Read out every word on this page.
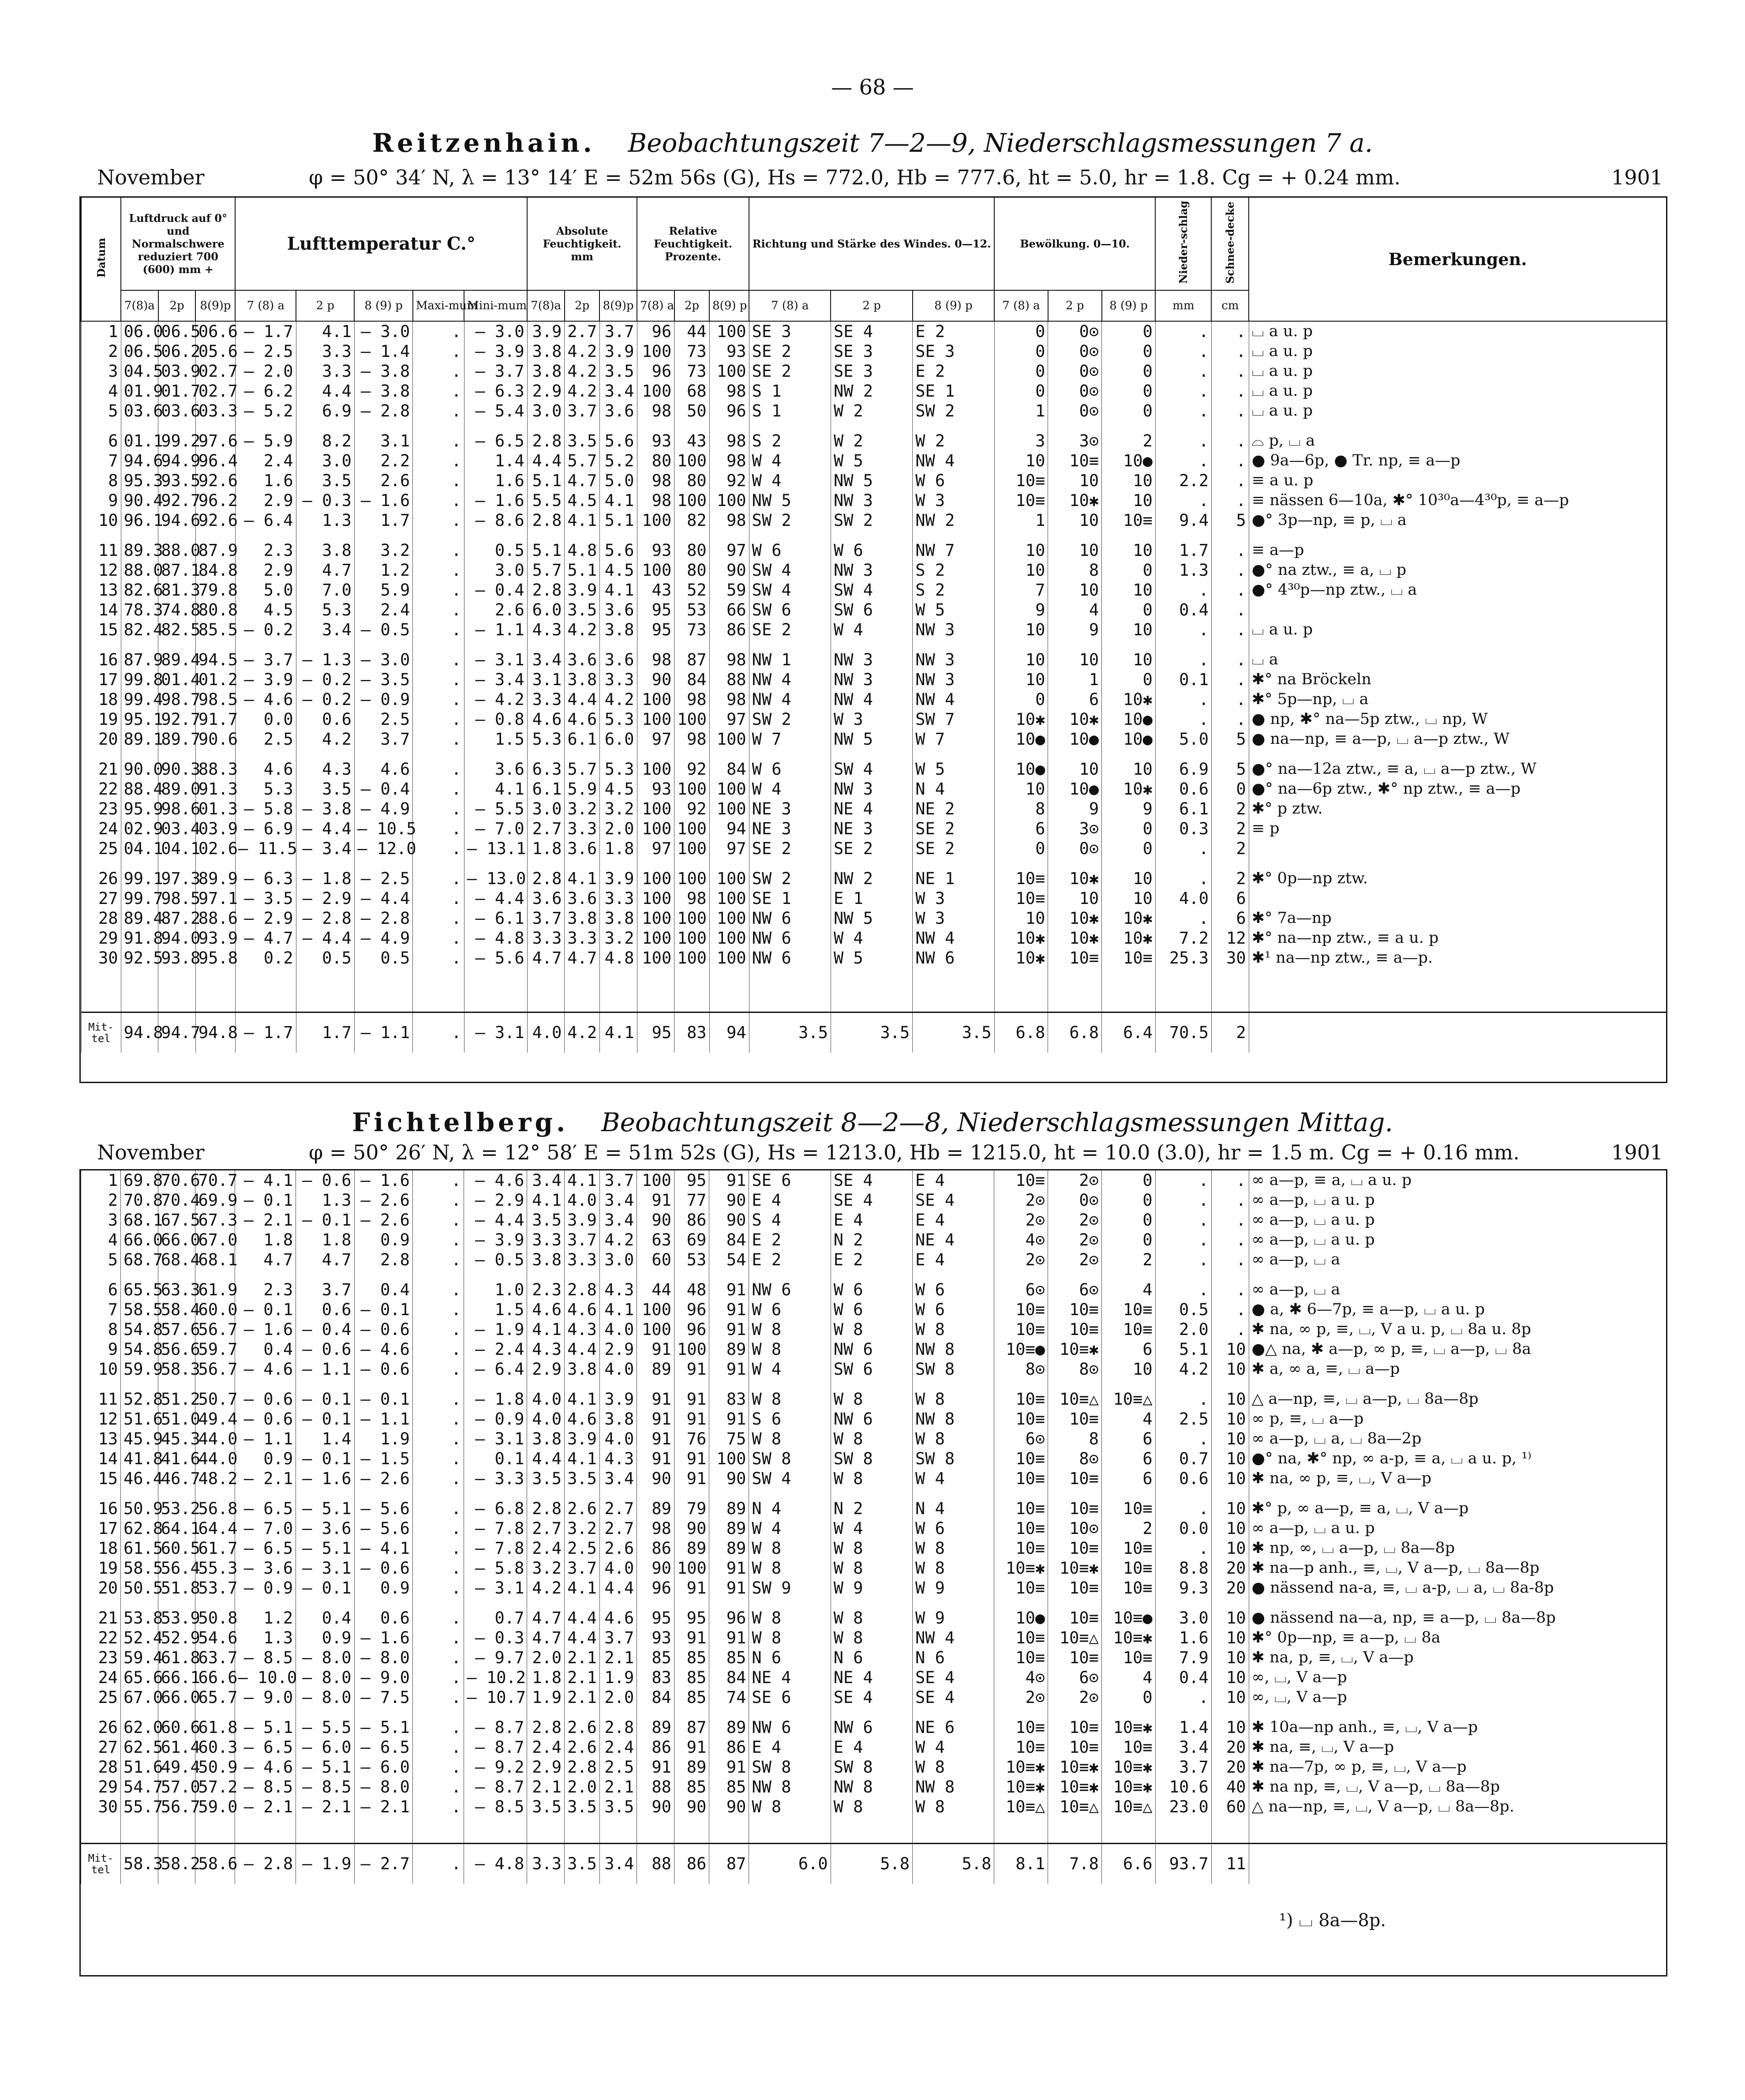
— 68 —
Reitzenhain. Beobachtungszeit 7—2—9, Niederschlagsmessungen 7 a.
November	φ = 50° 34′ N, λ = 13° 14′ E = 52m 56s (G), Hs = 772.0, Hb = 777.6, ht = 5.0, hr = 1.8. Cg = + 0.24 mm.	1901
Datum	Luftdruck auf 0° und Normalschwere reduziert 700 (600) mm +			Lufttemperatur C.°					Absolute Feuchtigkeit. mm			Relative Feuchtigkeit. Prozente.			Richtung und Stärke des Windes. 0—12.			Bewölkung. 0—10.			Nieder-schlag	Schnee-decke	Bemerkungen.
	7(8)a	2p	8(9)p	7 (8) a	2 p	8 (9) p	Maxi-mum	Mini-mum	7(8)a	2p	8(9)p	7(8) a	2p	8(9) p	7 (8) a	2 p	8 (9) p	7 (8) a	2 p	8 (9) p	mm	cm	
1	06.0	06.5	06.6	— 1.7	4.1	— 3.0	.	— 3.0	3.9	2.7	3.7	96	44	100	SE 3	SE 4	E 2	0	0⊙	0	.	.	⌴ a u. p
2	06.5	06.2	05.6	— 2.5	3.3	— 1.4	.	— 3.9	3.8	4.2	3.9	100	73	93	SE 2	SE 3	SE 3	0	0⊙	0	.	.	⌴ a u. p
3	04.5	03.9	02.7	— 2.0	3.3	— 3.8	.	— 3.7	3.8	4.2	3.5	96	73	100	SE 2	SE 3	E 2	0	0⊙	0	.	.	⌴ a u. p
4	01.9	01.7	02.7	— 6.2	4.4	— 3.8	.	— 6.3	2.9	4.2	3.4	100	68	98	S 1	NW 2	SE 1	0	0⊙	0	.	.	⌴ a u. p
5	03.6	03.6	03.3	— 5.2	6.9	— 2.8	.	— 5.4	3.0	3.7	3.6	98	50	96	S 1	W 2	SW 2	1	0⊙	0	.	.	⌴ a u. p
6	01.1	99.2	97.6	— 5.9	8.2	3.1	.	— 6.5	2.8	3.5	5.6	93	43	98	S 2	W 2	W 2	3	3⊙	2	.	.	⌓ p, ⌴ a
7	94.6	94.9	96.4	2.4	3.0	2.2	.	1.4	4.4	5.7	5.2	80	100	98	W 4	W 5	NW 4	10	10≡	10●	.	.	● 9a—6p, ● Tr. np, ≡ a—p
8	95.3	93.5	92.6	1.6	3.5	2.6	.	1.6	5.1	4.7	5.0	98	80	92	W 4	NW 5	W 6	10≡	10	10	2.2	.	≡ a u. p
9	90.4	92.7	96.2	2.9	— 0.3	— 1.6	.	— 1.6	5.5	4.5	4.1	98	100	100	NW 5	NW 3	W 3	10≡	10✱	10	.	.	≡ nässen 6—10a, ✱° 10³⁰a—4³⁰p, ≡ a—p
10	96.1	94.6	92.6	— 6.4	1.3	1.7	.	— 8.6	2.8	4.1	5.1	100	82	98	SW 2	SW 2	NW 2	1	10	10≡	9.4	5	●° 3p—np, ≡ p, ⌴ a
11	89.3	88.0	87.9	2.3	3.8	3.2	.	0.5	5.1	4.8	5.6	93	80	97	W 6	W 6	NW 7	10	10	10	1.7	.	≡ a—p
12	88.0	87.1	84.8	2.9	4.7	1.2	.	3.0	5.7	5.1	4.5	100	80	90	SW 4	NW 3	S 2	10	8	0	1.3	.	●° na ztw., ≡ a, ⌴ p
13	82.6	81.3	79.8	5.0	7.0	5.9	.	— 0.4	2.8	3.9	4.1	43	52	59	SW 4	SW 4	S 2	7	10	10	.	.	●° 4³⁰p—np ztw., ⌴ a
14	78.3	74.8	80.8	4.5	5.3	2.4	.	2.6	6.0	3.5	3.6	95	53	66	SW 6	SW 6	W 5	9	4	0	0.4	.	
15	82.4	82.5	85.5	— 0.2	3.4	— 0.5	.	— 1.1	4.3	4.2	3.8	95	73	86	SE 2	W 4	NW 3	10	9	10	.	.	⌴ a u. p
16	87.9	89.4	94.5	— 3.7	— 1.3	— 3.0	.	— 3.1	3.4	3.6	3.6	98	87	98	NW 1	NW 3	NW 3	10	10	10	.	.	⌴ a
17	99.8	01.4	01.2	— 3.9	— 0.2	— 3.5	.	— 3.4	3.1	3.8	3.3	90	84	88	NW 4	NW 3	NW 3	10	1	0	0.1	.	✱° na Bröckeln
18	99.4	98.7	98.5	— 4.6	— 0.2	— 0.9	.	— 4.2	3.3	4.4	4.2	100	98	98	NW 4	NW 4	NW 4	0	6	10✱	.	.	✱° 5p—np, ⌴ a
19	95.1	92.7	91.7	0.0	0.6	2.5	.	— 0.8	4.6	4.6	5.3	100	100	97	SW 2	W 3	SW 7	10✱	10✱	10●	.	.	● np, ✱° na—5p ztw., ⌴ np, W
20	89.1	89.7	90.6	2.5	4.2	3.7	.	1.5	5.3	6.1	6.0	97	98	100	W 7	NW 5	W 7	10●	10●	10●	5.0	5	● na—np, ≡ a—p, ⌴ a—p ztw., W
21	90.0	90.3	88.3	4.6	4.3	4.6	.	3.6	6.3	5.7	5.3	100	92	84	W 6	SW 4	W 5	10●	10	10	6.9	5	●° na—12a ztw., ≡ a, ⌴ a—p ztw., W
22	88.4	89.0	91.3	5.3	3.5	— 0.4	.	4.1	6.1	5.9	4.5	93	100	100	W 4	NW 3	N 4	10	10●	10✱	0.6	0	●° na—6p ztw., ✱° np ztw., ≡ a—p
23	95.9	98.6	01.3	— 5.8	— 3.8	— 4.9	.	— 5.5	3.0	3.2	3.2	100	92	100	NE 3	NE 4	NE 2	8	9	9	6.1	2	✱° p ztw.
24	02.9	03.4	03.9	— 6.9	— 4.4	— 10.5	.	— 7.0	2.7	3.3	2.0	100	100	94	NE 3	NE 3	SE 2	6	3⊙	0	0.3	2	≡ p
25	04.1	04.1	02.6	— 11.5	— 3.4	— 12.0	.	— 13.1	1.8	3.6	1.8	97	100	97	SE 2	SE 2	SE 2	0	0⊙	0	.	2	
26	99.1	97.3	89.9	— 6.3	— 1.8	— 2.5	.	— 13.0	2.8	4.1	3.9	100	100	100	SW 2	NW 2	NE 1	10≡	10✱	10	.	2	✱° 0p—np ztw.
27	99.7	98.5	97.1	— 3.5	— 2.9	— 4.4	.	— 4.4	3.6	3.6	3.3	100	98	100	SE 1	E 1	W 3	10≡	10	10	4.0	6	
28	89.4	87.2	88.6	— 2.9	— 2.8	— 2.8	.	— 6.1	3.7	3.8	3.8	100	100	100	NW 6	NW 5	W 3	10	10✱	10✱	.	6	✱° 7a—np
29	91.8	94.0	93.9	— 4.7	— 4.4	— 4.9	.	— 4.8	3.3	3.3	3.2	100	100	100	NW 6	W 4	NW 4	10✱	10✱	10✱	7.2	12	✱° na—np ztw., ≡ a u. p
30	92.5	93.8	95.8	0.2	0.5	0.5	.	— 5.6	4.7	4.7	4.8	100	100	100	NW 6	W 5	NW 6	10✱	10≡	10≡	25.3	30	✱¹ na—np ztw., ≡ a—p.

Mit-tel	94.8	94.7	94.8	— 1.7	1.7	— 1.1	.	— 3.1	4.0	4.2	4.1	95	83	94	3.5	3.5	3.5	6.8	6.8	6.4	70.5	2	
Fichtelberg. Beobachtungszeit 8—2—8, Niederschlagsmessungen Mittag.
November	φ = 50° 26′ N, λ = 12° 58′ E = 51m 52s (G), Hs = 1213.0, Hb = 1215.0, ht = 10.0 (3.0), hr = 1.5 m. Cg = + 0.16 mm.	1901
1	69.8	70.6	70.7	— 4.1	— 0.6	— 1.6	.	— 4.6	3.4	4.1	3.7	100	95	91	SE 6	SE 4	E 4	10≡	2⊙	0	.	.	∞ a—p, ≡ a, ⌴ a u. p
2	70.8	70.4	69.9	— 0.1	1.3	— 2.6	.	— 2.9	4.1	4.0	3.4	91	77	90	E 4	SE 4	SE 4	2⊙	0⊙	0	.	.	∞ a—p, ⌴ a u. p
3	68.1	67.5	67.3	— 2.1	— 0.1	— 2.6	.	— 4.4	3.5	3.9	3.4	90	86	90	S 4	E 4	E 4	2⊙	2⊙	0	.	.	∞ a—p, ⌴ a u. p
4	66.0	66.0	67.0	1.8	1.8	0.9	.	— 3.9	3.3	3.7	4.2	63	69	84	E 2	N 2	NE 4	4⊙	2⊙	0	.	.	∞ a—p, ⌴ a u. p
5	68.7	68.4	68.1	4.7	4.7	2.8	.	— 0.5	3.8	3.3	3.0	60	53	54	E 2	E 2	E 4	2⊙	2⊙	2	.	.	∞ a—p, ⌴ a
6	65.5	63.3	61.9	2.3	3.7	0.4	.	1.0	2.3	2.8	4.3	44	48	91	NW 6	W 6	W 6	6⊙	6⊙	4	.	.	∞ a—p, ⌴ a
7	58.5	58.4	60.0	— 0.1	0.6	— 0.1	.	1.5	4.6	4.6	4.1	100	96	91	W 6	W 6	W 6	10≡	10≡	10≡	0.5	.	● a, ✱ 6—7p, ≡ a—p, ⌴ a u. p
8	54.8	57.6	56.7	— 1.6	— 0.4	— 0.6	.	— 1.9	4.1	4.3	4.0	100	96	91	W 8	W 8	W 8	10≡	10≡	10≡	2.0	.	✱ na, ∞ p, ≡, ⌴, V a u. p, ⌴ 8a u. 8p
9	54.8	56.6	59.7	0.4	— 0.6	— 4.6	.	— 2.4	4.3	4.4	2.9	91	100	89	W 8	NW 6	NW 8	10≡●	10≡✱	6	5.1	10	●△ na, ✱ a—p, ∞ p, ≡, ⌴ a—p, ⌴ 8a
10	59.9	58.3	56.7	— 4.6	— 1.1	— 0.6	.	— 6.4	2.9	3.8	4.0	89	91	91	W 4	SW 6	SW 8	8⊙	8⊙	10	4.2	10	✱ a, ∞ a, ≡, ⌴ a—p
11	52.8	51.2	50.7	— 0.6	— 0.1	— 0.1	.	— 1.8	4.0	4.1	3.9	91	91	83	W 8	W 8	W 8	10≡	10≡△	10≡△	.	10	△ a—np, ≡, ⌴ a—p, ⌴ 8a—8p
12	51.6	51.0	49.4	— 0.6	— 0.1	— 1.1	.	— 0.9	4.0	4.6	3.8	91	91	91	S 6	NW 6	NW 8	10≡	10≡	4	2.5	10	∞ p, ≡, ⌴ a—p
13	45.9	45.3	44.0	— 1.1	1.4	1.9	.	— 3.1	3.8	3.9	4.0	91	76	75	W 8	W 8	W 8	6⊙	8	6	.	10	∞ a—p, ⌴ a, ⌴ 8a—2p
14	41.8	41.6	44.0	0.9	— 0.1	— 1.5	.	0.1	4.4	4.1	4.3	91	91	100	SW 8	SW 8	SW 8	10≡	8⊙	6	0.7	10	●° na, ✱° np, ∞ a-p, ≡ a, ⌴ a u. p, ¹⁾
15	46.4	46.7	48.2	— 2.1	— 1.6	— 2.6	.	— 3.3	3.5	3.5	3.4	90	91	90	SW 4	W 8	W 4	10≡	10≡	6	0.6	10	✱ na, ∞ p, ≡, ⌴, V a—p
16	50.9	53.2	56.8	— 6.5	— 5.1	— 5.6	.	— 6.8	2.8	2.6	2.7	89	79	89	N 4	N 2	N 4	10≡	10≡	10≡	.	10	✱° p, ∞ a—p, ≡ a, ⌴, V a—p
17	62.8	64.1	64.4	— 7.0	— 3.6	— 5.6	.	— 7.8	2.7	3.2	2.7	98	90	89	W 4	W 4	W 6	10≡	10⊙	2	0.0	10	∞ a—p, ⌴ a u. p
18	61.5	60.5	61.7	— 6.5	— 5.1	— 4.1	.	— 7.8	2.4	2.5	2.6	86	89	89	W 8	W 8	W 8	10≡	10≡	10≡	.	10	✱ np, ∞, ⌴ a—p, ⌴ 8a—8p
19	58.5	56.4	55.3	— 3.6	— 3.1	— 0.6	.	— 5.8	3.2	3.7	4.0	90	100	91	W 8	W 8	W 8	10≡✱	10≡✱	10≡	8.8	20	✱ na—p anh., ≡, ⌴, V a—p, ⌴ 8a—8p
20	50.5	51.8	53.7	— 0.9	— 0.1	0.9	.	— 3.1	4.2	4.1	4.4	96	91	91	SW 9	W 9	W 9	10≡	10≡	10≡	9.3	20	● nässend na-a, ≡, ⌴ a-p, ⌴ a, ⌴ 8a-8p
21	53.8	53.9	50.8	1.2	0.4	0.6	.	0.7	4.7	4.4	4.6	95	95	96	W 8	W 8	W 9	10●	10≡	10≡●	3.0	10	● nässend na—a, np, ≡ a—p, ⌴ 8a—8p
22	52.4	52.9	54.6	1.3	0.9	— 1.6	.	— 0.3	4.7	4.4	3.7	93	91	91	W 8	W 8	NW 4	10≡	10≡△	10≡✱	1.6	10	✱° 0p—np, ≡ a—p, ⌴ 8a
23	59.4	61.8	63.7	— 8.5	— 8.0	— 8.0	.	— 9.7	2.0	2.1	2.1	85	85	85	N 6	N 6	N 6	10≡	10≡	10≡	7.9	10	✱ na, p, ≡, ⌴, V a—p
24	65.6	66.1	66.6	— 10.0	— 8.0	— 9.0	.	— 10.2	1.8	2.1	1.9	83	85	84	NE 4	NE 4	SE 4	4⊙	6⊙	4	0.4	10	∞, ⌴, V a—p
25	67.0	66.0	65.7	— 9.0	— 8.0	— 7.5	.	— 10.7	1.9	2.1	2.0	84	85	74	SE 6	SE 4	SE 4	2⊙	2⊙	0	.	10	∞, ⌴, V a—p
26	62.0	60.6	61.8	— 5.1	— 5.5	— 5.1	.	— 8.7	2.8	2.6	2.8	89	87	89	NW 6	NW 6	NE 6	10≡	10≡	10≡✱	1.4	10	✱ 10a—np anh., ≡, ⌴, V a—p
27	62.5	61.4	60.3	— 6.5	— 6.0	— 6.5	.	— 8.7	2.4	2.6	2.4	86	91	86	E 4	E 4	W 4	10≡	10≡	10≡	3.4	20	✱ na, ≡, ⌴, V a—p
28	51.6	49.4	50.9	— 4.6	— 5.1	— 6.0	.	— 9.2	2.9	2.8	2.5	91	89	91	SW 8	SW 8	W 8	10≡✱	10≡✱	10≡✱	3.7	20	✱ na—7p, ∞ p, ≡, ⌴, V a—p
29	54.7	57.0	57.2	— 8.5	— 8.5	— 8.0	.	— 8.7	2.1	2.0	2.1	88	85	85	NW 8	NW 8	NW 8	10≡✱	10≡✱	10≡✱	10.6	40	✱ na np, ≡, ⌴, V a—p, ⌴ 8a—8p
30	55.7	56.7	59.0	— 2.1	— 2.1	— 2.1	.	— 8.5	3.5	3.5	3.5	90	90	90	W 8	W 8	W 8	10≡△	10≡△	10≡△	23.0	60	△ na—np, ≡, ⌴, V a—p, ⌴ 8a—8p.

Mit-tel	58.3	58.2	58.6	— 2.8	— 1.9	— 2.7	.	— 4.8	3.3	3.5	3.4	88	86	87	6.0	5.8	5.8	8.1	7.8	6.6	93.7	11	
¹) ⌴ 8a—8p.
